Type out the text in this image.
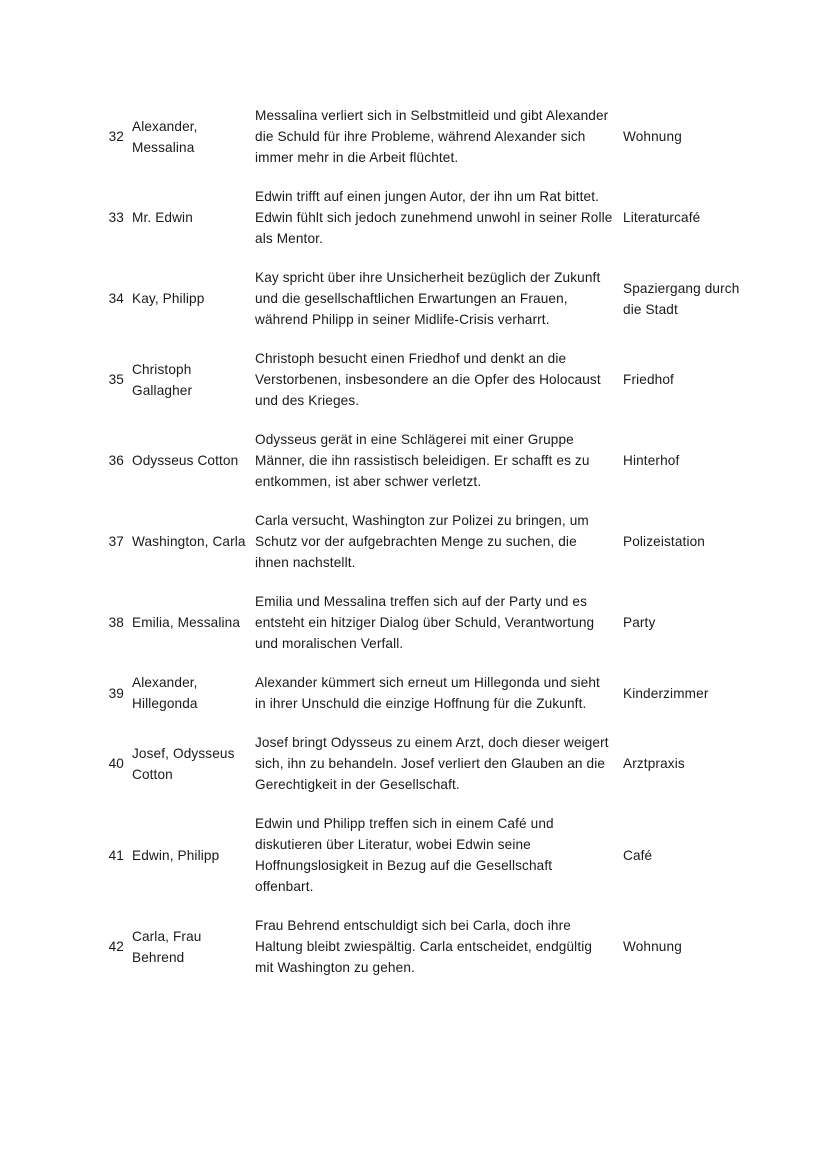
32	Alexander, Messalina	Messalina verliert sich in Selbstmitleid und gibt Alexander die Schuld für ihre Probleme, während Alexander sich immer mehr in die Arbeit flüchtet.	Wohnung
33	Mr. Edwin	Edwin trifft auf einen jungen Autor, der ihn um Rat bittet. Edwin fühlt sich jedoch zunehmend unwohl in seiner Rolle als Mentor.	Literaturcafé
34	Kay, Philipp	Kay spricht über ihre Unsicherheit bezüglich der Zukunft und die gesellschaftlichen Erwartungen an Frauen, während Philipp in seiner Midlife-Crisis verharrt.	Spaziergang durch die Stadt
35	Christoph Gallagher	Christoph besucht einen Friedhof und denkt an die Verstorbenen, insbesondere an die Opfer des Holocaust und des Krieges.	Friedhof
36	Odysseus Cotton	Odysseus gerät in eine Schlägerei mit einer Gruppe Männer, die ihn rassistisch beleidigen. Er schafft es zu entkommen, ist aber schwer verletzt.	Hinterhof
37	Washington, Carla	Carla versucht, Washington zur Polizei zu bringen, um Schutz vor der aufgebrachten Menge zu suchen, die ihnen nachstellt.	Polizeistation
38	Emilia, Messalina	Emilia und Messalina treffen sich auf der Party und es entsteht ein hitziger Dialog über Schuld, Verantwortung und moralischen Verfall.	Party
39	Alexander, Hillegonda	Alexander kümmert sich erneut um Hillegonda und sieht in ihrer Unschuld die einzige Hoffnung für die Zukunft.	Kinderzimmer
40	Josef, Odysseus Cotton	Josef bringt Odysseus zu einem Arzt, doch dieser weigert sich, ihn zu behandeln. Josef verliert den Glauben an die Gerechtigkeit in der Gesellschaft.	Arztpraxis
41	Edwin, Philipp	Edwin und Philipp treffen sich in einem Café und diskutieren über Literatur, wobei Edwin seine Hoffnungslosigkeit in Bezug auf die Gesellschaft offenbart.	Café
42	Carla, Frau Behrend	Frau Behrend entschuldigt sich bei Carla, doch ihre Haltung bleibt zwiespältig. Carla entscheidet, endgültig mit Washington zu gehen.	Wohnung
